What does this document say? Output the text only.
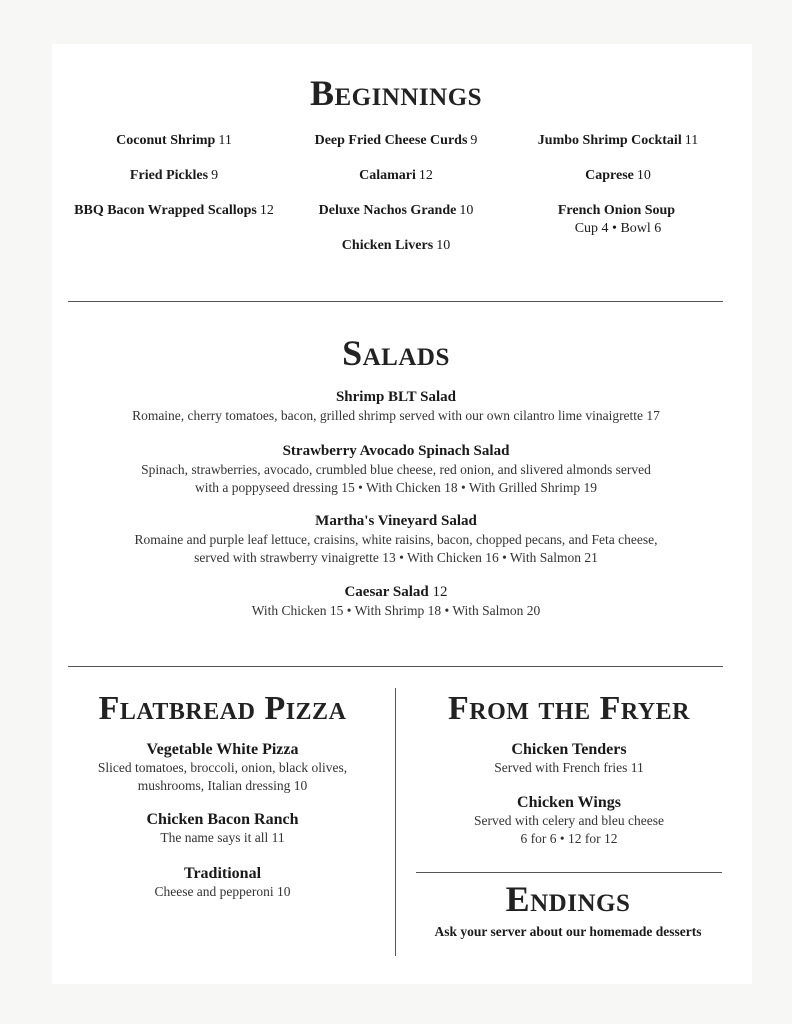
Beginnings
Coconut Shrimp 11
Fried Pickles 9
BBQ Bacon Wrapped Scallops 12
Deep Fried Cheese Curds 9
Calamari 12
Deluxe Nachos Grande 10
Chicken Livers 10
Jumbo Shrimp Cocktail 11
Caprese 10
French Onion Soup
Cup 4 • Bowl 6
Salads
Shrimp BLT Salad
Romaine, cherry tomatoes, bacon, grilled shrimp served with our own cilantro lime vinaigrette 17
Strawberry Avocado Spinach Salad
Spinach, strawberries, avocado, crumbled blue cheese, red onion, and slivered almonds served
with a poppyseed dressing 15 • With Chicken 18 • With Grilled Shrimp 19
Martha's Vineyard Salad
Romaine and purple leaf lettuce, craisins, white raisins, bacon, chopped pecans, and Feta cheese,
served with strawberry vinaigrette 13 • With Chicken 16 • With Salmon 21
Caesar Salad 12
With Chicken 15 • With Shrimp 18 • With Salmon 20
Flatbread Pizza
Vegetable White Pizza
Sliced tomatoes, broccoli, onion, black olives,
mushrooms, Italian dressing 10
Chicken Bacon Ranch
The name says it all 11
Traditional
Cheese and pepperoni 10
From the Fryer
Chicken Tenders
Served with French fries 11
Chicken Wings
Served with celery and bleu cheese
6 for 6 • 12 for 12
Endings
Ask your server about our homemade desserts
